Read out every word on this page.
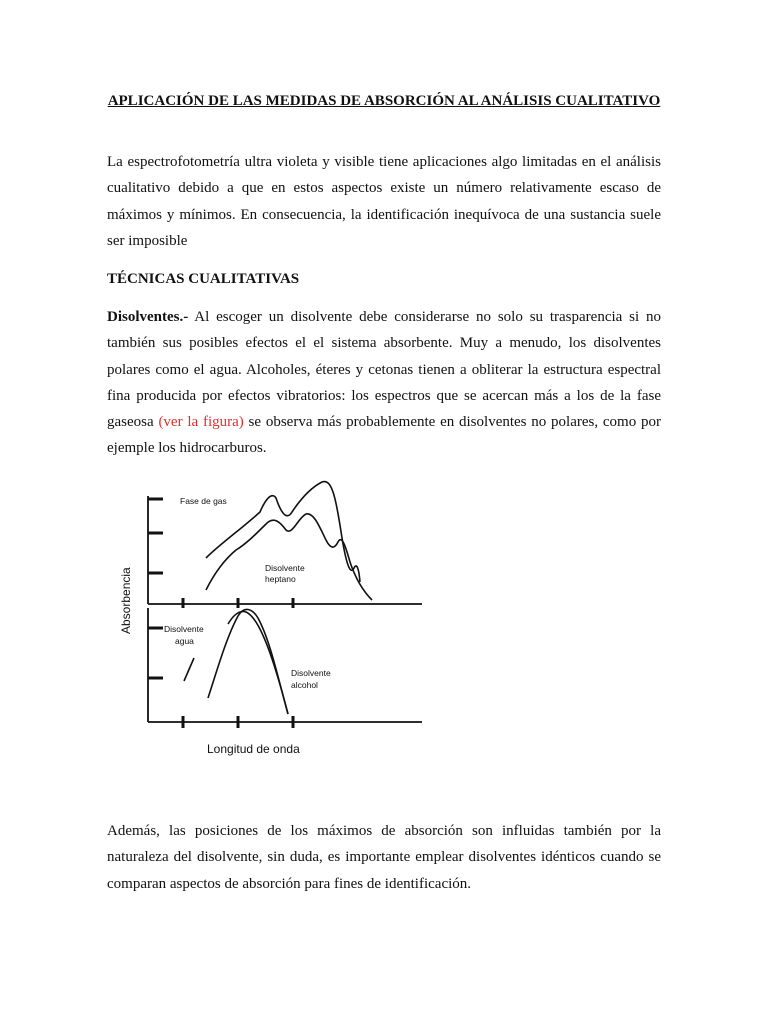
APLICACIÓN DE LAS MEDIDAS DE ABSORCIÓN AL ANÁLISIS CUALITATIVO

La espectrofotometría ultra violeta y visible tiene aplicaciones algo limitadas en el análisis cualitativo debido a que en estos aspectos existe un número relativamente escaso de máximos y mínimos. En consecuencia, la identificación inequívoca de una sustancia suele ser imposible

TÉCNICAS CUALITATIVAS

Disolventes.- Al escoger un disolvente debe considerarse no solo su trasparencia si no también sus posibles efectos el el sistema absorbente. Muy a menudo, los disolventes polares como el agua. Alcoholes, éteres y cetonas tienen a obliterar la estructura espectral fina producida por efectos vibratorios: los espectros que se acercan más a los de la fase gaseosa (ver la figura) se observa más probablemente en disolventes no polares, como por ejemple los hidrocarburos.

Fase de gas
Disolvente
heptano
Disolvente
agua
Disolvente
alcohol
Absorbencia
Longitud de onda

Además, las posiciones de los máximos de absorción son influidas también por la naturaleza del disolvente, sin duda, es importante emplear disolventes idénticos cuando se comparan aspectos de absorción para fines de identificación.
